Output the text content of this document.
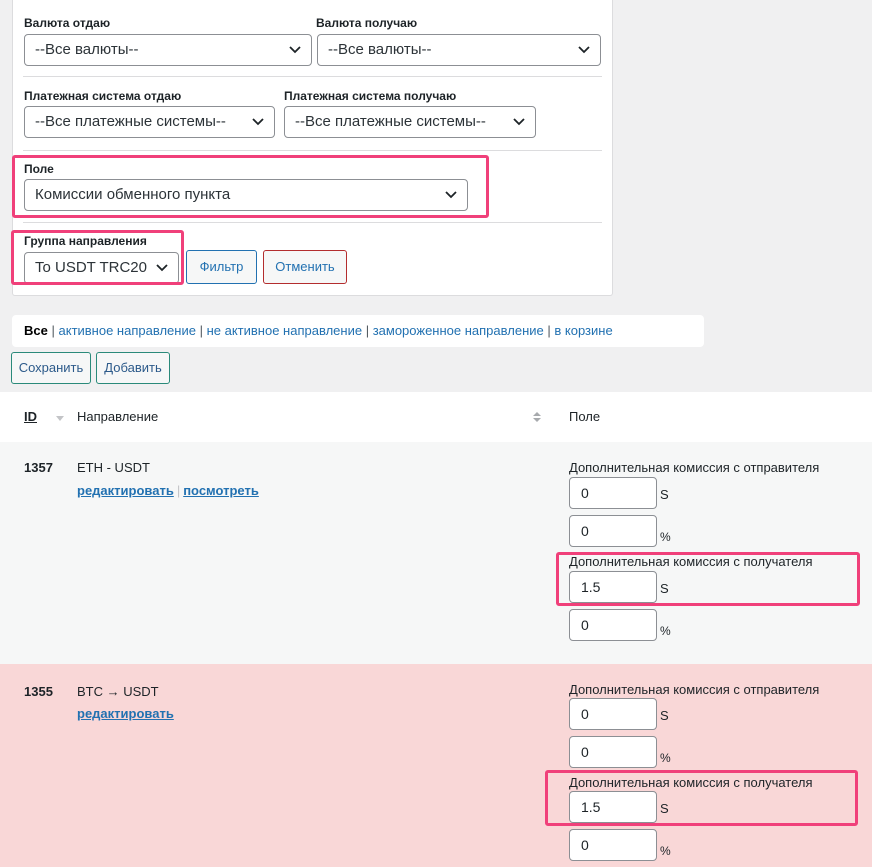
Валюта отдаю
--Все валюты--
Валюта получаю
--Все валюты--
Платежная система отдаю
--Все платежные системы--
Платежная система получаю
--Все платежные системы--
Поле
Комиссии обменного пункта
Группа направления
To USDT TRC20	Фильтр	Отменить
Все | активное направление | не активное направление | замороженное направление | в корзине
Сохранить	Добавить
ID	Направление	Поле
1357 ETH - USDT
редактировать | посмотреть
Дополнительная комиссия с отправителя
0	S
0	%
Дополнительная комиссия с получателя
1.5	S
0	%
1355 BTC → USDT
редактировать
Дополнительная комиссия с отправителя
0	S
0	%
Дополнительная комиссия с получателя
1.5	S
0	%
